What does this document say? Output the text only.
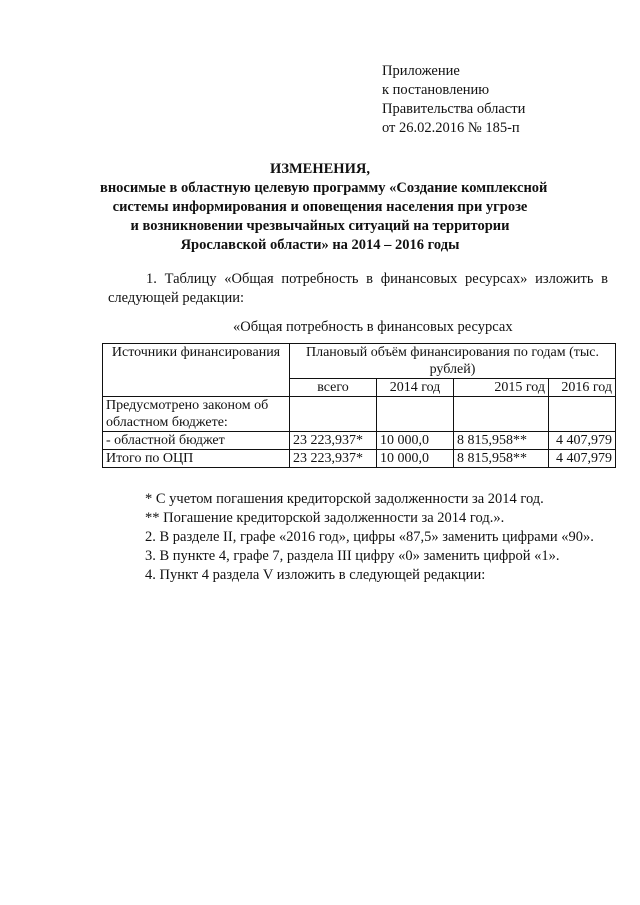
Приложение
к постановлению
Правительства области
от 26.02.2016 № 185-п
ИЗМЕНЕНИЯ,
вносимые в областную целевую программу «Создание комплексной
системы информирования и оповещения населения при угрозе
и возникновении чрезвычайных ситуаций на территории
Ярославской области» на 2014 – 2016 годы
1. Таблицу «Общая потребность в финансовых ресурсах» изложить в следующей редакции:
«Общая потребность в финансовых ресурсах
Источники финансирования	Плановый объём финансирования по годам (тыс. рублей)			
	всего	2014 год	2015 год	2016 год
Предусмотрено законом об областном бюджете:				
- областной бюджет	23 223,937*	10 000,0	8 815,958**	4 407,979
Итого по ОЦП	23 223,937*	10 000,0	8 815,958**	4 407,979
* С учетом погашения кредиторской задолженности за 2014 год.
** Погашение кредиторской задолженности за 2014 год.».
2. В разделе II, графе «2016 год», цифры «87,5» заменить цифрами «90».
3. В пункте 4, графе 7, раздела III цифру «0» заменить цифрой «1».
4. Пункт 4 раздела V изложить в следующей редакции:
